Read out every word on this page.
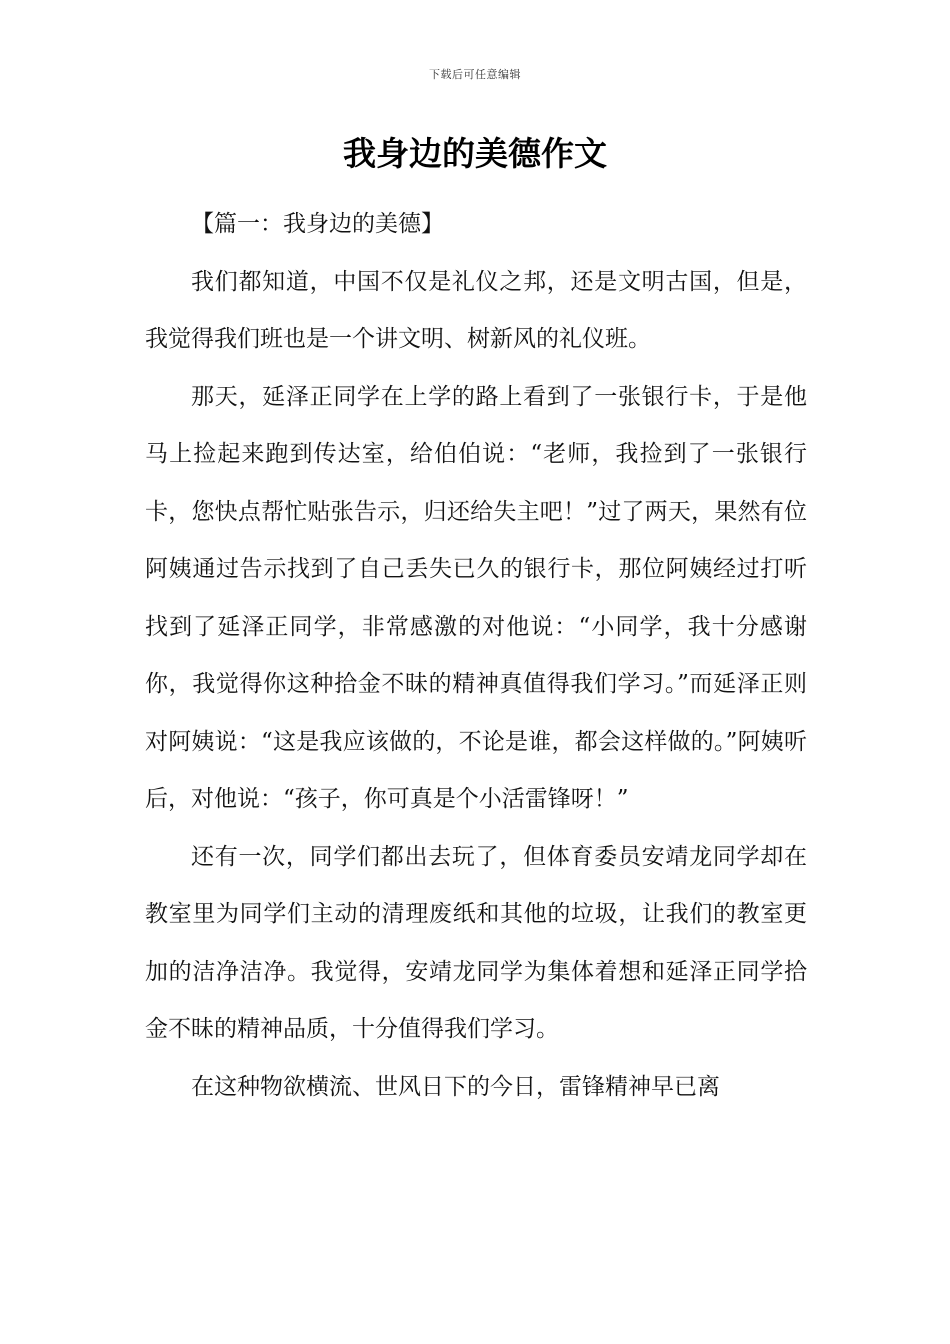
下载后可任意编辑
我身边的美德作文

【篇一：我身边的美德】

我们都知道，中国不仅是礼仪之邦，还是文明古国，但是，我觉得我们班也是一个讲文明、树新风的礼仪班。

那天，延泽正同学在上学的路上看到了一张银行卡，于是他马上捡起来跑到传达室，给伯伯说：“老师，我捡到了一张银行卡，您快点帮忙贴张告示，归还给失主吧！”过了两天，果然有位阿姨通过告示找到了自己丢失已久的银行卡，那位阿姨经过打听找到了延泽正同学，非常感激的对他说：“小同学，我十分感谢你，我觉得你这种拾金不昧的精神真值得我们学习。”而延泽正则对阿姨说：“这是我应该做的，不论是谁，都会这样做的。”阿姨听后，对他说：“孩子，你可真是个小活雷锋呀！”

还有一次，同学们都出去玩了，但体育委员安靖龙同学却在教室里为同学们主动的清理废纸和其他的垃圾，让我们的教室更加的洁净洁净。我觉得，安靖龙同学为集体着想和延泽正同学拾金不昧的精神品质，十分值得我们学习。

在这种物欲横流、世风日下的今日，雷锋精神早已离
